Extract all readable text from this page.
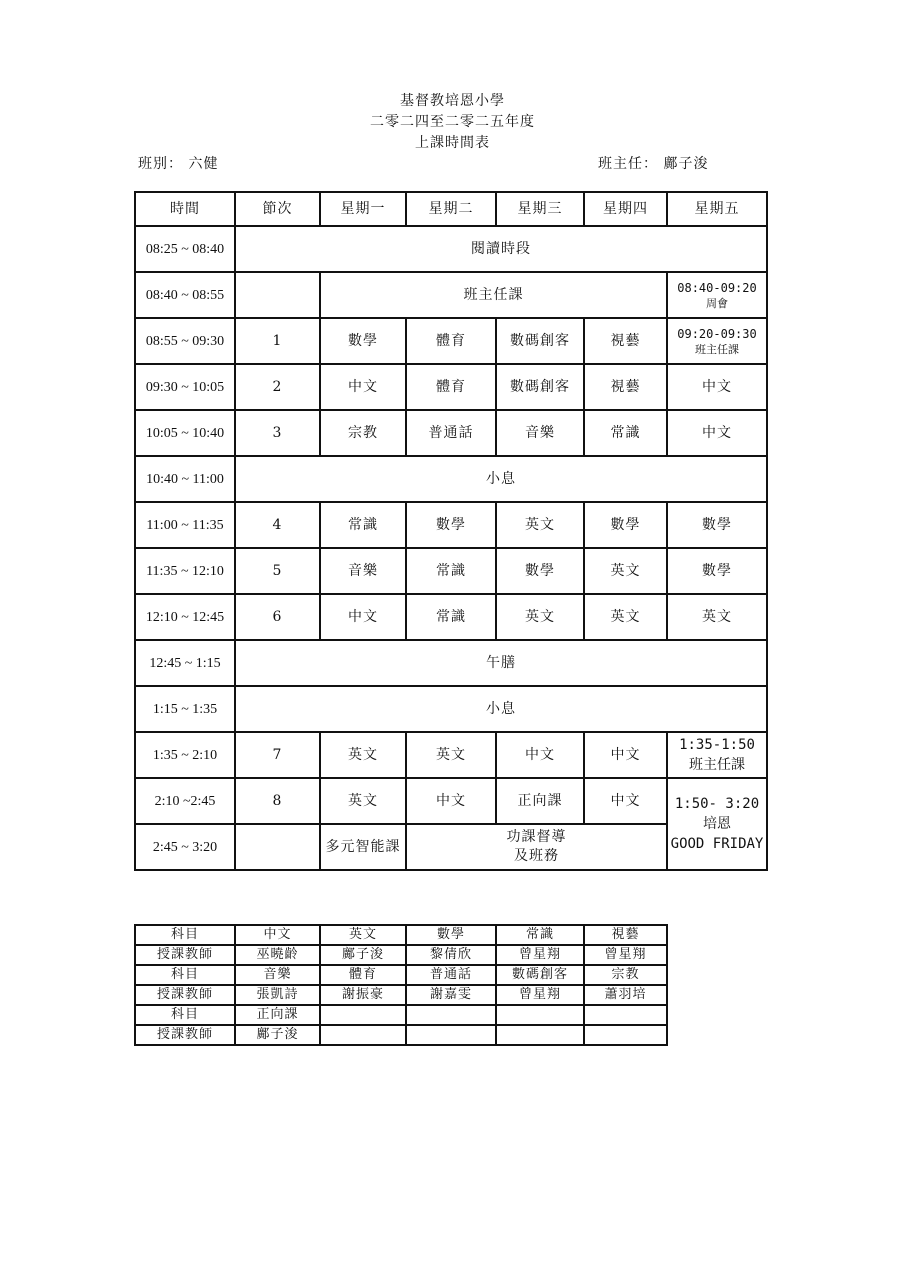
基督教培恩小學
二零二四至二零二五年度
上課時間表
班別： 六健	班主任： 鄺子浚
時間	節次	星期一	星期二	星期三	星期四	星期五
08:25 ~ 08:40	閱讀時段					
08:40 ~ 08:55		班主任課				08:40-09:20
周會

08:55 ~ 09:30	1	數學	體育	數碼創客	視藝	09:20-09:30
班主任課

09:30 ~ 10:05	2	中文	體育	數碼創客	視藝	中文
10:05 ~ 10:40	3	宗教	普通話	音樂	常識	中文
10:40 ~ 11:00	小息					
11:00 ~ 11:35	4	常識	數學	英文	數學	數學
11:35 ~ 12:10	5	音樂	常識	數學	英文	數學
12:10 ~ 12:45	6	中文	常識	英文	英文	英文
12:45 ~ 1:15	午膳					
1:15 ~ 1:35	小息					
1:35 ~ 2:10	7	英文	英文	中文	中文	1:35-1:50
班主任課

2:10 ~2:45	8	英文	中文	正向課	中文	1:50- 3:20
培恩
GOOD FRIDAY

2:45 ~ 3:20		多元智能課	功課督導
及班務			
科目	中文	英文	數學	常識	視藝
授課教師	巫曉齡	鄺子浚	黎倩欣	曾星翔	曾星翔
科目	音樂	體育	普通話	數碼創客	宗教
授課教師	張凱詩	謝振豪	謝嘉雯	曾星翔	蕭羽培
科目	正向課				
授課教師	鄺子浚				
